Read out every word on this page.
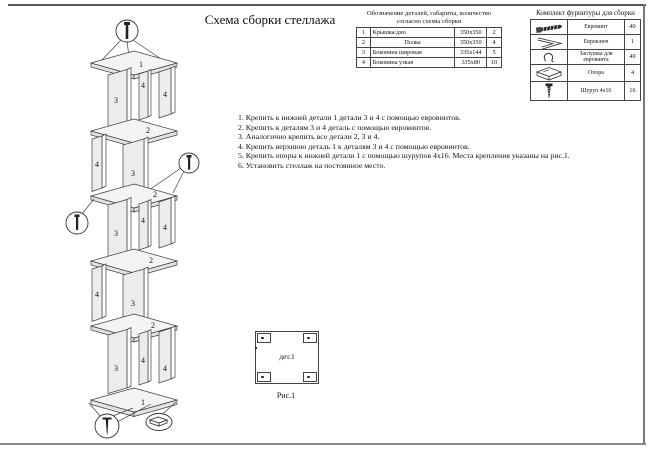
Схема сборки стеллажа	Обозначение деталей, габариты, количество
согласно схемы сборки
1	Крышка/дно	350x350	2
2	Полка	350x350	4
3	Боковина широкая	335x144	5
4	Боковина узкая	335x80	10
Комплект фурнитуры для сборки
	Евровинт	40
	Евроключ	1
	Заглушка для евровинта	40
	Опора	4
	Шуруп 4x16	16
1. Крепить к нижней детали 1 детали 3 и 4 с помощью евровинтов.
2. Крепить к деталям 3 и 4 деталь с помощью евровинтов.
3. Аналогично крепить все детали 2, 3 и 4.
4. Крепить верхнюю деталь 1 к деталям 3 и 4 с помощью евровинтов.
5. Крепить опоры к нижней детали 1 с помощью шурупов 4x16. Места крепления указаны на рис.1.
6. Установить стеллаж на постоянное место.
дет.1
Рис.1
1
3
4
4
2
4
3
2
3
4
4
2
4
3
2
3
4
4
1
